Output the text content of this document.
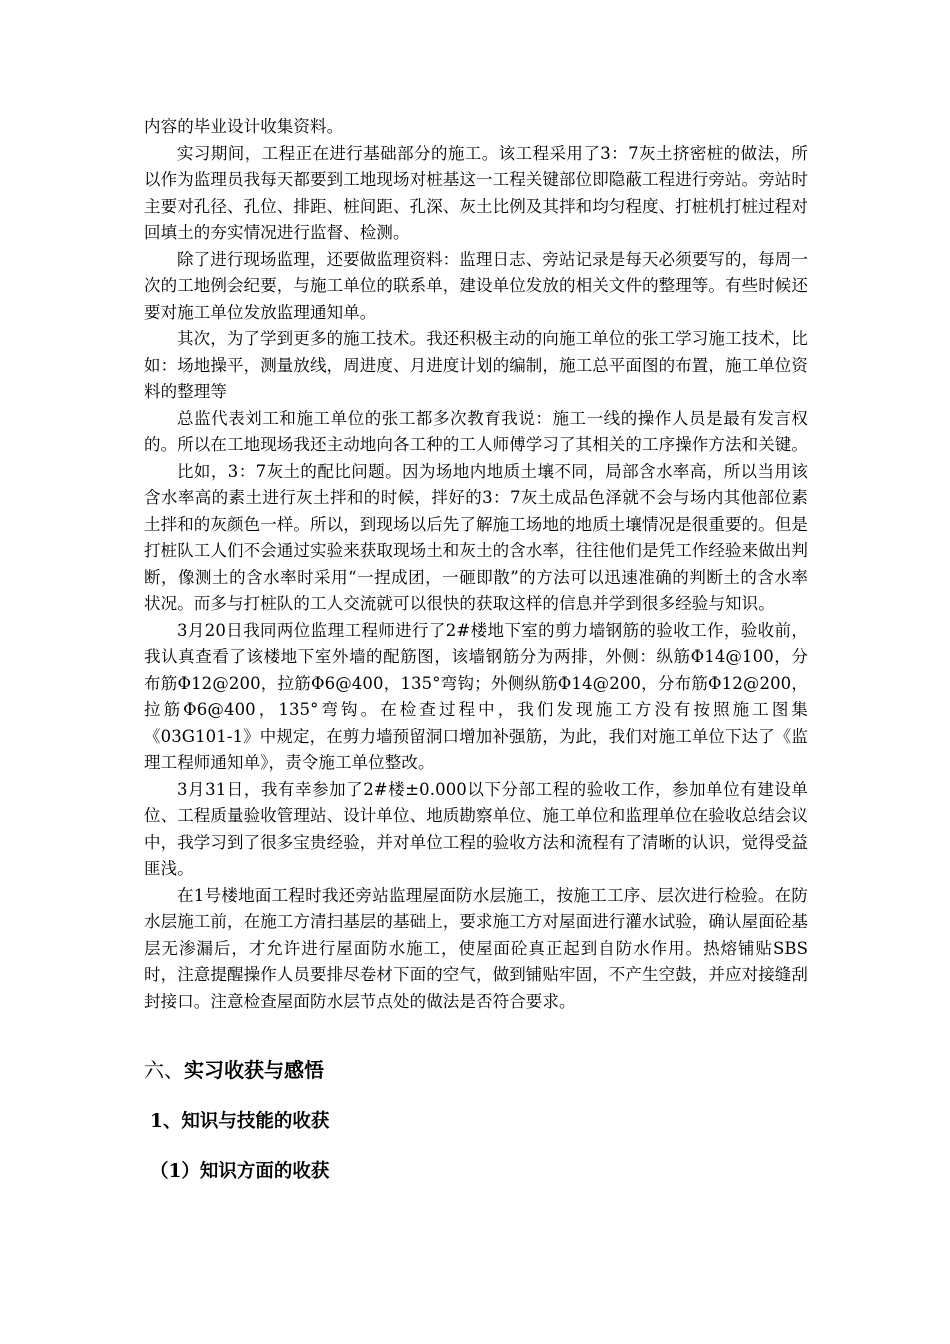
内容的毕业设计收集资料。

实习期间，工程正在进行基础部分的施工。该工程采用了3：7灰土挤密桩的做法，所以作为监理员我每天都要到工地现场对桩基这一工程关键部位即隐蔽工程进行旁站。旁站时主要对孔径、孔位、排距、桩间距、孔深、灰土比例及其拌和均匀程度、打桩机打桩过程对回填土的夯实情况进行监督、检测。

除了进行现场监理，还要做监理资料：监理日志、旁站记录是每天必须要写的，每周一次的工地例会纪要，与施工单位的联系单，建设单位发放的相关文件的整理等。有些时候还要对施工单位发放监理通知单。

其次，为了学到更多的施工技术。我还积极主动的向施工单位的张工学习施工技术，比如：场地操平，测量放线，周进度、月进度计划的编制，施工总平面图的布置，施工单位资料的整理等

总监代表刘工和施工单位的张工都多次教育我说：施工一线的操作人员是最有发言权的。所以在工地现场我还主动地向各工种的工人师傅学习了其相关的工序操作方法和关键。

比如，3：7灰土的配比问题。因为场地内地质土壤不同，局部含水率高，所以当用该含水率高的素土进行灰土拌和的时候，拌好的3：7灰土成品色泽就不会与场内其他部位素土拌和的灰颜色一样。所以，到现场以后先了解施工场地的地质土壤情况是很重要的。但是打桩队工人们不会通过实验来获取现场土和灰土的含水率，往往他们是凭工作经验来做出判断，像测土的含水率时采用“一捏成团，一砸即散”的方法可以迅速准确的判断土的含水率状况。而多与打桩队的工人交流就可以很快的获取这样的信息并学到很多经验与知识。

3月20日我同两位监理工程师进行了2#楼地下室的剪力墙钢筋的验收工作，验收前，我认真查看了该楼地下室外墙的配筋图，该墙钢筋分为两排，外侧：纵筋Φ14@100，分布筋Φ12@200，拉筋Φ6@400，135°弯钩；外侧纵筋Φ14@200，分布筋Φ12@200，拉筋Φ6@400，135°弯钩。在检查过程中，我们发现施工方没有按照施工图集《03G101-1》中规定，在剪力墙预留洞口增加补强筋，为此，我们对施工单位下达了《监理工程师通知单》，责令施工单位整改。

3月31日，我有幸参加了2#楼±0.000以下分部工程的验收工作，参加单位有建设单位、工程质量验收管理站、设计单位、地质勘察单位、施工单位和监理单位在验收总结会议中，我学习到了很多宝贵经验，并对单位工程的验收方法和流程有了清晰的认识，觉得受益匪浅。

在1号楼地面工程时我还旁站监理屋面防水层施工，按施工工序、层次进行检验。在防水层施工前，在施工方清扫基层的基础上，要求施工方对屋面进行灌水试验，确认屋面砼基层无渗漏后，才允许进行屋面防水施工，使屋面砼真正起到自防水作用。热熔铺贴SBS时，注意提醒操作人员要排尽卷材下面的空气，做到铺贴牢固，不产生空鼓，并应对接缝刮封接口。注意检查屋面防水层节点处的做法是否符合要求。

六、实习收获与感悟
1、知识与技能的收获
（1）知识方面的收获
